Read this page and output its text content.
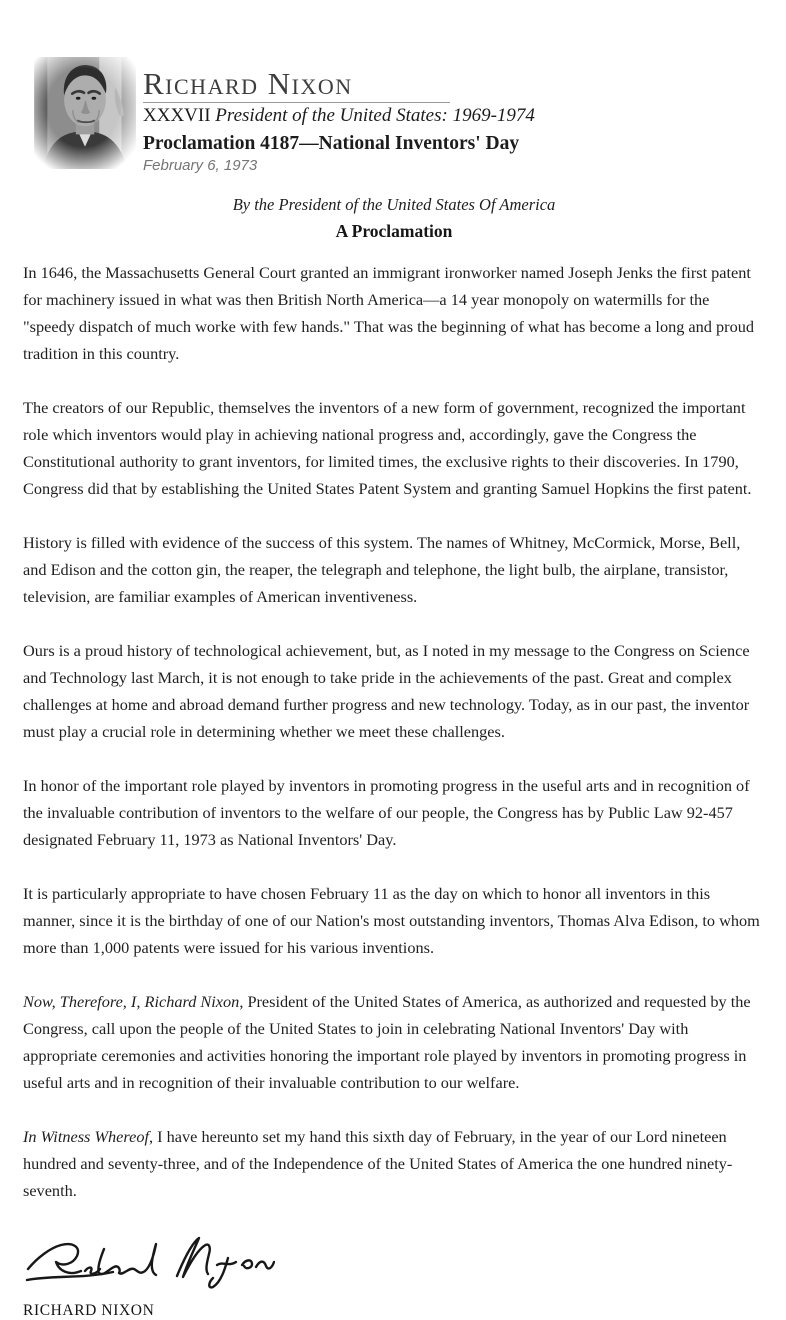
Richard Nixon
XXXVII President of the United States: 1969-1974
Proclamation 4187—National Inventors' Day
February 6, 1973
By the President of the United States Of America
A Proclamation

In 1646, the Massachusetts General Court granted an immigrant ironworker named Joseph Jenks the first patent for machinery issued in what was then British North America—a 14 year monopoly on watermills for the "speedy dispatch of much worke with few hands." That was the beginning of what has become a long and proud tradition in this country.

The creators of our Republic, themselves the inventors of a new form of government, recognized the important role which inventors would play in achieving national progress and, accordingly, gave the Congress the Constitutional authority to grant inventors, for limited times, the exclusive rights to their discoveries. In 1790, Congress did that by establishing the United States Patent System and granting Samuel Hopkins the first patent.

History is filled with evidence of the success of this system. The names of Whitney, McCormick, Morse, Bell, and Edison and the cotton gin, the reaper, the telegraph and telephone, the light bulb, the airplane, transistor, television, are familiar examples of American inventiveness.

Ours is a proud history of technological achievement, but, as I noted in my message to the Congress on Science and Technology last March, it is not enough to take pride in the achievements of the past. Great and complex challenges at home and abroad demand further progress and new technology. Today, as in our past, the inventor must play a crucial role in determining whether we meet these challenges.

In honor of the important role played by inventors in promoting progress in the useful arts and in recognition of the invaluable contribution of inventors to the welfare of our people, the Congress has by Public Law 92-457 designated February 11, 1973 as National Inventors' Day.

It is particularly appropriate to have chosen February 11 as the day on which to honor all inventors in this manner, since it is the birthday of one of our Nation's most outstanding inventors, Thomas Alva Edison, to whom more than 1,000 patents were issued for his various inventions.

Now, Therefore, I, Richard Nixon, President of the United States of America, as authorized and requested by the Congress, call upon the people of the United States to join in celebrating National Inventors' Day with appropriate ceremonies and activities honoring the important role played by inventors in promoting progress in useful arts and in recognition of their invaluable contribution to our welfare.

In Witness Whereof, I have hereunto set my hand this sixth day of February, in the year of our Lord nineteen hundred and seventy-three, and of the Independence of the United States of America the one hundred ninety-seventh.

RICHARD NIXON
